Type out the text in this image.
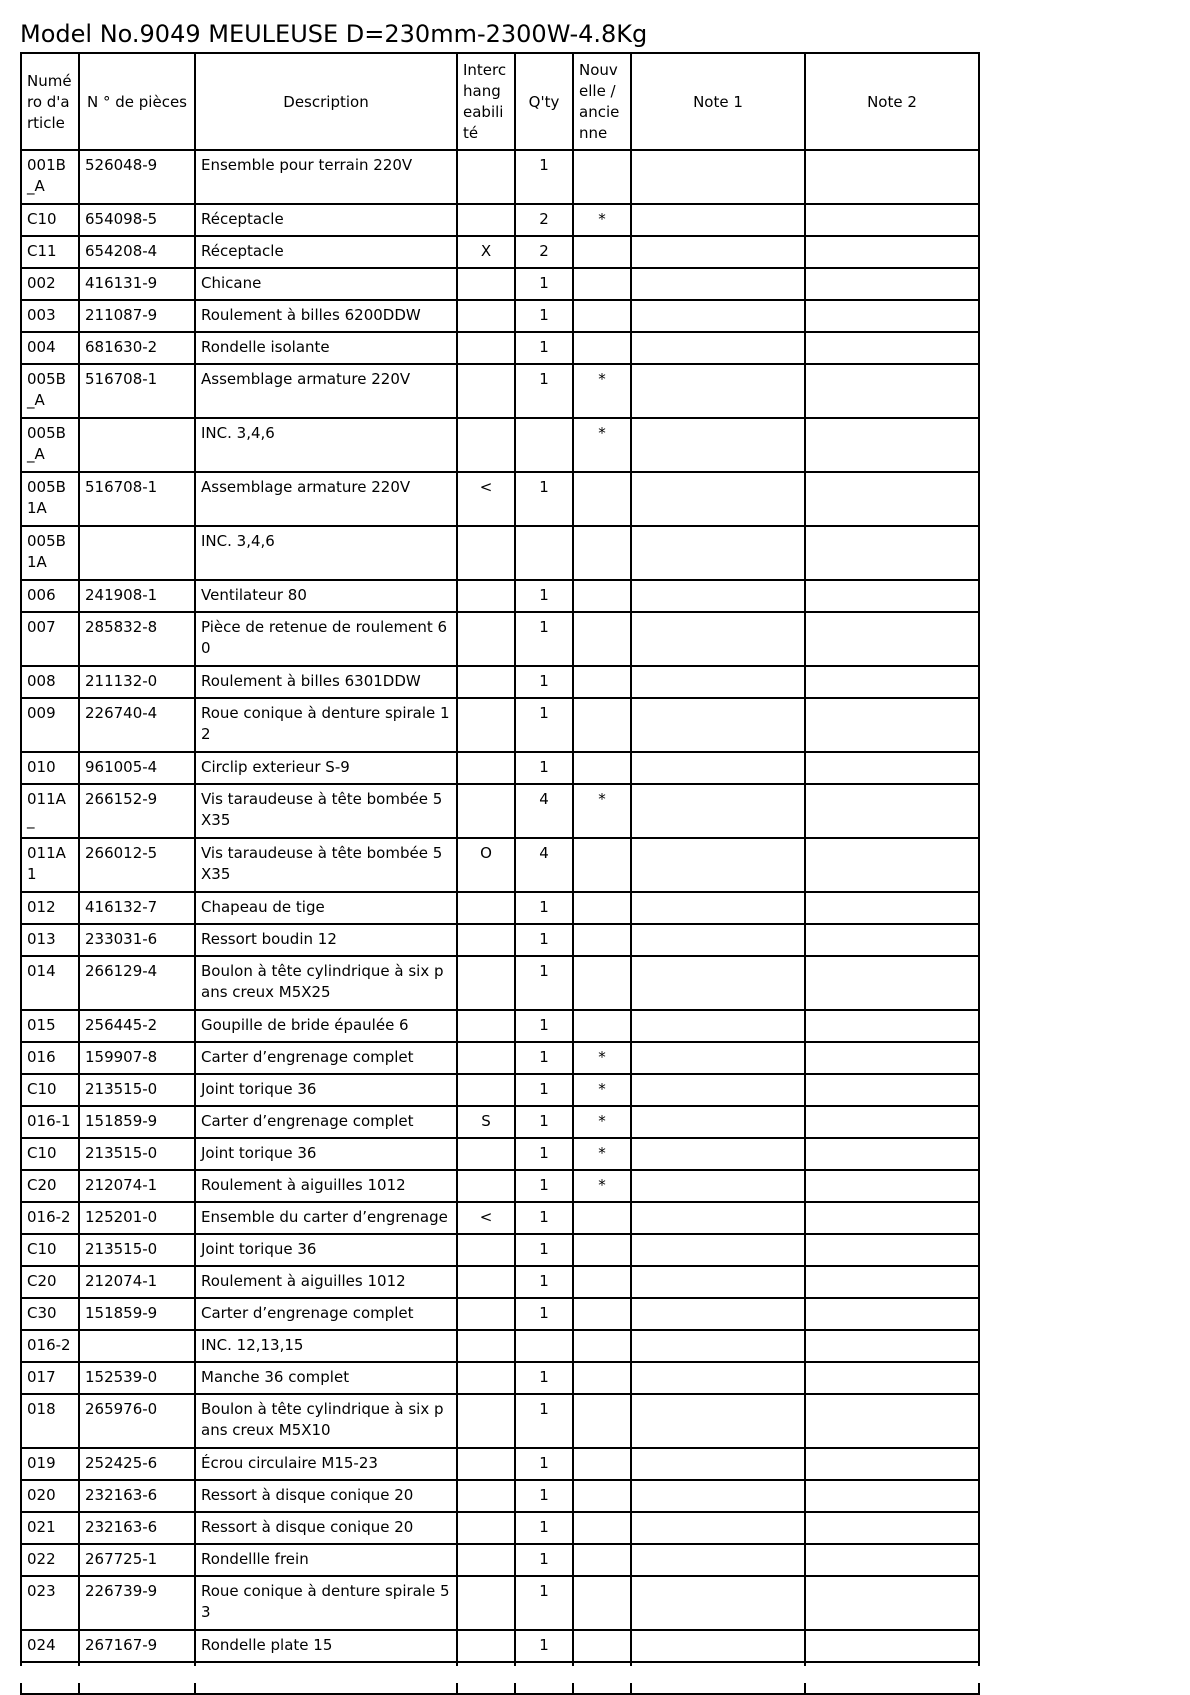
Model No.9049 MEULEUSE D=230mm-2300W-4.8Kg
Numéro d'article	N ° de pièces	Description	Interchangeabilité	Q'ty	Nouvelle / ancienne	Note 1	Note 2
001B_A	526048-9	Ensemble pour terrain 220V		1			
C10	654098-5	Réceptacle		2	*		
C11	654208-4	Réceptacle	X	2			
002	416131-9	Chicane		1			
003	211087-9	Roulement à billes 6200DDW		1			
004	681630-2	Rondelle isolante		1			
005B_A	516708-1	Assemblage armature 220V		1	*		
005B_A		INC. 3,4,6			*		
005B1A	516708-1	Assemblage armature 220V	<	1			
005B1A		INC. 3,4,6					
006	241908-1	Ventilateur 80		1			
007	285832-8	Pièce de retenue de roulement 60		1			
008	211132-0	Roulement à billes 6301DDW		1			
009	226740-4	Roue conique à denture spirale 12		1			
010	961005-4	Circlip exterieur S-9		1			
011A_	266152-9	Vis taraudeuse à tête bombée 5X35		4	*		
011A1	266012-5	Vis taraudeuse à tête bombée 5X35	O	4			
012	416132-7	Chapeau de tige		1			
013	233031-6	Ressort boudin 12		1			
014	266129-4	Boulon à tête cylindrique à six pans creux M5X25		1			
015	256445-2	Goupille de bride épaulée 6		1			
016	159907-8	Carter d’engrenage complet		1	*		
C10	213515-0	Joint torique 36		1	*		
016-1	151859-9	Carter d’engrenage complet	S	1	*		
C10	213515-0	Joint torique 36		1	*		
C20	212074-1	Roulement à aiguilles 1012		1	*		
016-2	125201-0	Ensemble du carter d’engrenage	<	1			
C10	213515-0	Joint torique 36		1			
C20	212074-1	Roulement à aiguilles 1012		1			
C30	151859-9	Carter d’engrenage complet		1			
016-2		INC. 12,13,15					
017	152539-0	Manche 36 complet		1			
018	265976-0	Boulon à tête cylindrique à six pans creux M5X10		1			
019	252425-6	Écrou circulaire M15-23		1			
020	232163-6	Ressort à disque conique 20		1			
021	232163-6	Ressort à disque conique 20		1			
022	267725-1	Rondellle frein		1			
023	226739-9	Roue conique à denture spirale 53		1			
024	267167-9	Rondelle plate 15		1			
